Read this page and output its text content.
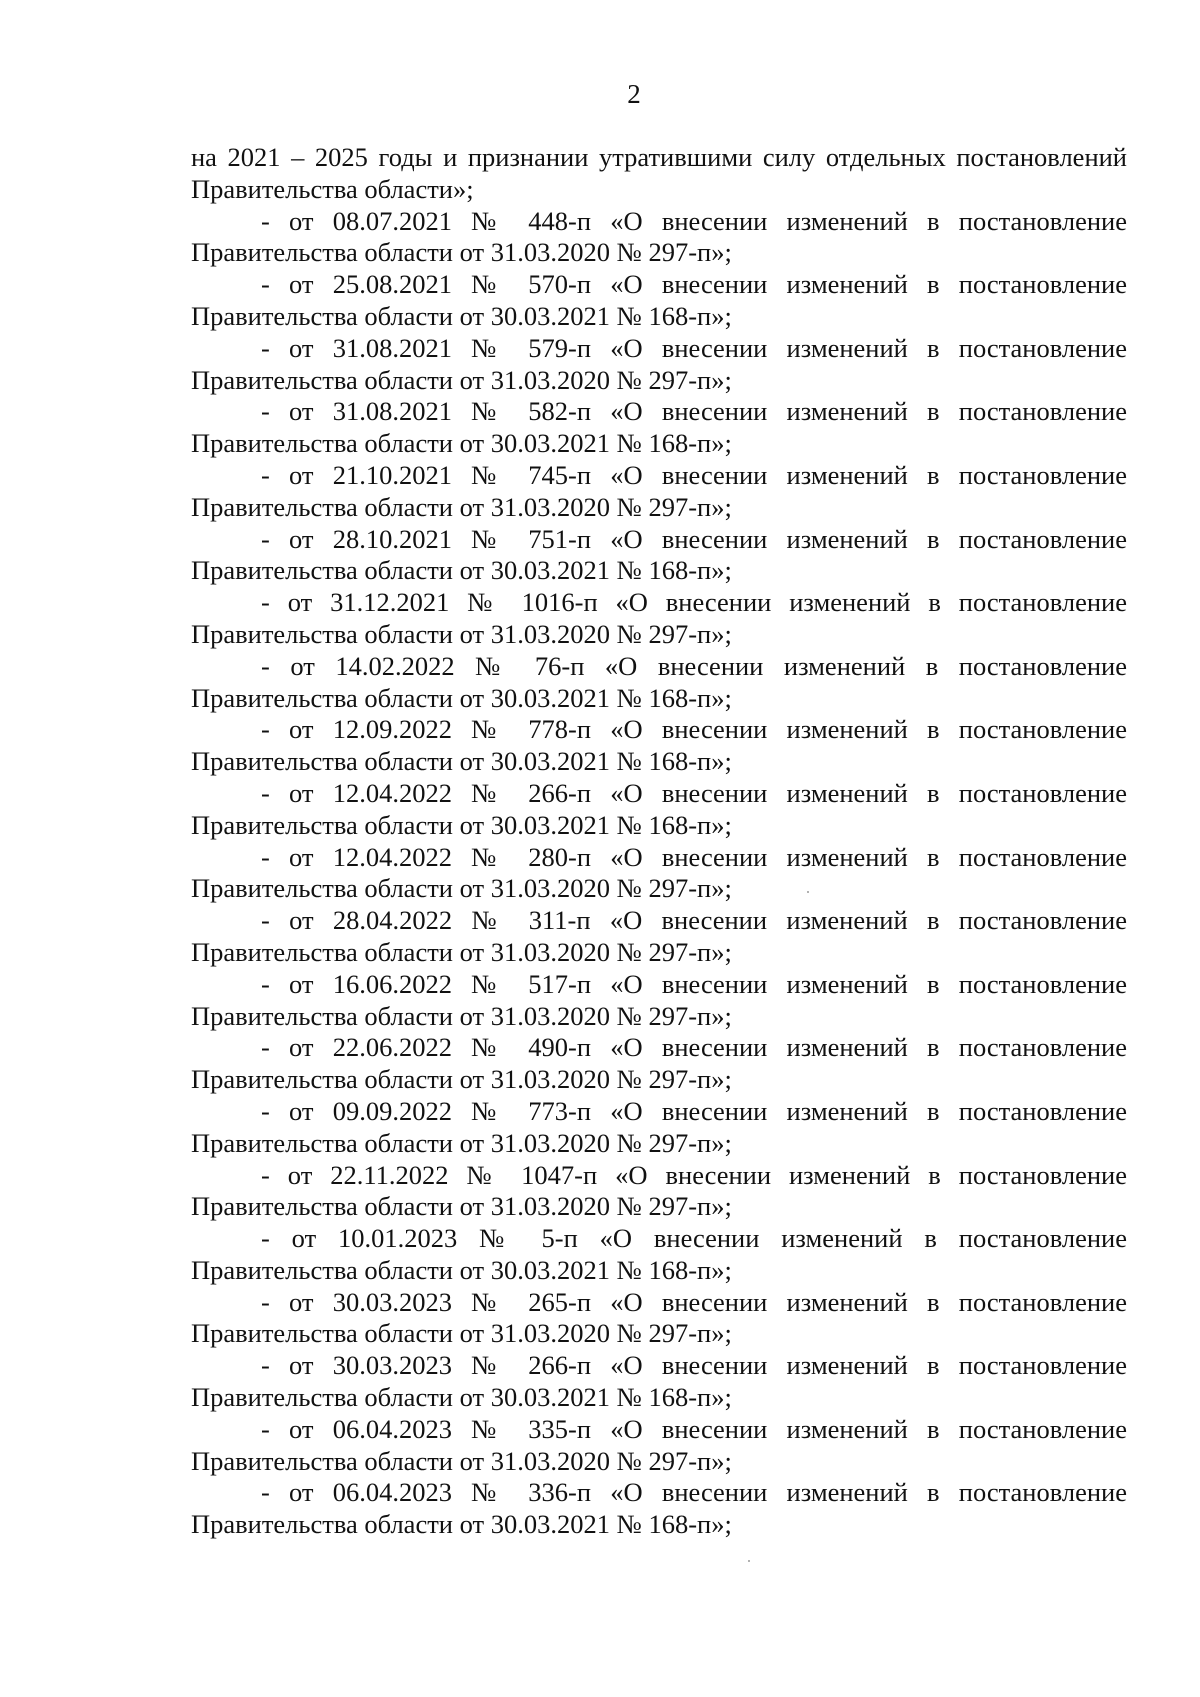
2
на 2021 – 2025 годы и признании утратившими силу отдельных постановлений
Правительства области»;
- от 08.07.2021 № 448-п «О внесении изменений в постановление
Правительства области от 31.03.2020 № 297-п»;
- от 25.08.2021 № 570-п «О внесении изменений в постановление
Правительства области от 30.03.2021 № 168-п»;
- от 31.08.2021 № 579-п «О внесении изменений в постановление
Правительства области от 31.03.2020 № 297-п»;
- от 31.08.2021 № 582-п «О внесении изменений в постановление
Правительства области от 30.03.2021 № 168-п»;
- от 21.10.2021 № 745-п «О внесении изменений в постановление
Правительства области от 31.03.2020 № 297-п»;
- от 28.10.2021 № 751-п «О внесении изменений в постановление
Правительства области от 30.03.2021 № 168-п»;
- от 31.12.2021 № 1016-п «О внесении изменений в постановление
Правительства области от 31.03.2020 № 297-п»;
- от 14.02.2022 № 76-п «О внесении изменений в постановление
Правительства области от 30.03.2021 № 168-п»;
- от 12.09.2022 № 778-п «О внесении изменений в постановление
Правительства области от 30.03.2021 № 168-п»;
- от 12.04.2022 № 266-п «О внесении изменений в постановление
Правительства области от 30.03.2021 № 168-п»;
- от 12.04.2022 № 280-п «О внесении изменений в постановление
Правительства области от 31.03.2020 № 297-п»;
- от 28.04.2022 № 311-п «О внесении изменений в постановление
Правительства области от 31.03.2020 № 297-п»;
- от 16.06.2022 № 517-п «О внесении изменений в постановление
Правительства области от 31.03.2020 № 297-п»;
- от 22.06.2022 № 490-п «О внесении изменений в постановление
Правительства области от 31.03.2020 № 297-п»;
- от 09.09.2022 № 773-п «О внесении изменений в постановление
Правительства области от 31.03.2020 № 297-п»;
- от 22.11.2022 № 1047-п «О внесении изменений в постановление
Правительства области от 31.03.2020 № 297-п»;
- от 10.01.2023 № 5-п «О внесении изменений в постановление
Правительства области от 30.03.2021 № 168-п»;
- от 30.03.2023 № 265-п «О внесении изменений в постановление
Правительства области от 31.03.2020 № 297-п»;
- от 30.03.2023 № 266-п «О внесении изменений в постановление
Правительства области от 30.03.2021 № 168-п»;
- от 06.04.2023 № 335-п «О внесении изменений в постановление
Правительства области от 31.03.2020 № 297-п»;
- от 06.04.2023 № 336-п «О внесении изменений в постановление
Правительства области от 30.03.2021 № 168-п»;
